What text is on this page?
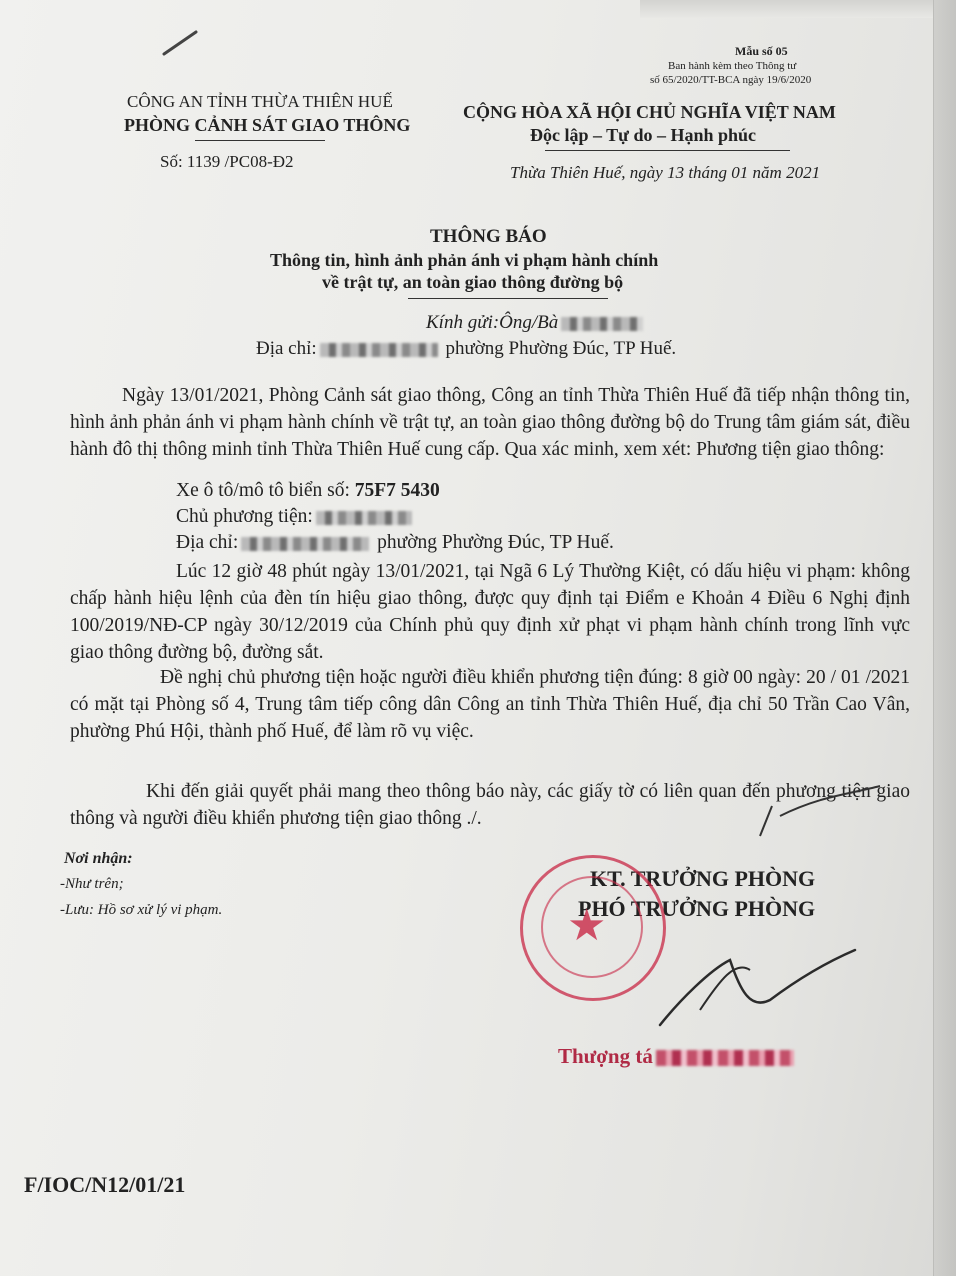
Mẫu số 05
Ban hành kèm theo Thông tư
số 65/2020/TT-BCA ngày 19/6/2020
CÔNG AN TỈNH THỪA THIÊN HUẾ
PHÒNG CẢNH SÁT GIAO THÔNG
Số: 1139 /PC08-Đ2
CỘNG HÒA XÃ HỘI CHỦ NGHĨA VIỆT NAM
Độc lập – Tự do – Hạnh phúc
Thừa Thiên Huế, ngày 13 tháng 01 năm 2021
THÔNG BÁO
Thông tin, hình ảnh phản ánh vi phạm hành chính
về trật tự, an toàn giao thông đường bộ
Kính gửi:Ông/Bà
Địa chỉ:	phường Phường Đúc, TP Huế.
Ngày 13/01/2021, Phòng Cảnh sát giao thông, Công an tỉnh Thừa Thiên Huế đã tiếp nhận thông tin, hình ảnh phản ánh vi phạm hành chính về trật tự, an toàn giao thông đường bộ do Trung tâm giám sát, điều hành đô thị thông minh tỉnh Thừa Thiên Huế cung cấp. Qua xác minh, xem xét: Phương tiện giao thông:
Xe ô tô/mô tô biển số: 75F7 5430
Chủ phương tiện:
Địa chỉ:	phường Phường Đúc, TP Huế.
Lúc 12 giờ 48 phút ngày 13/01/2021, tại Ngã 6 Lý Thường Kiệt, có dấu hiệu vi phạm: không chấp hành hiệu lệnh của đèn tín hiệu giao thông, được quy định tại Điểm e Khoản 4 Điều 6 Nghị định 100/2019/NĐ-CP ngày 30/12/2019 của Chính phủ quy định xử phạt vi phạm hành chính trong lĩnh vực giao thông đường bộ, đường sắt.
Đề nghị chủ phương tiện hoặc người điều khiển phương tiện đúng: 8 giờ 00 ngày: 20 / 01 /2021 có mặt tại Phòng số 4, Trung tâm tiếp công dân Công an tỉnh Thừa Thiên Huế, địa chỉ 50 Trần Cao Vân, phường Phú Hội, thành phố Huế, để làm rõ vụ việc.
Khi đến giải quyết phải mang theo thông báo này, các giấy tờ có liên quan đến phương tiện giao thông và người điều khiển phương tiện giao thông ./.
Nơi nhận:
-Như trên;
-Lưu: Hồ sơ xử lý vi phạm.
KT. TRƯỞNG PHÒNG
PHÓ TRƯỞNG PHÒNG
★
Thượng tá
F/IOC/N12/01/21
